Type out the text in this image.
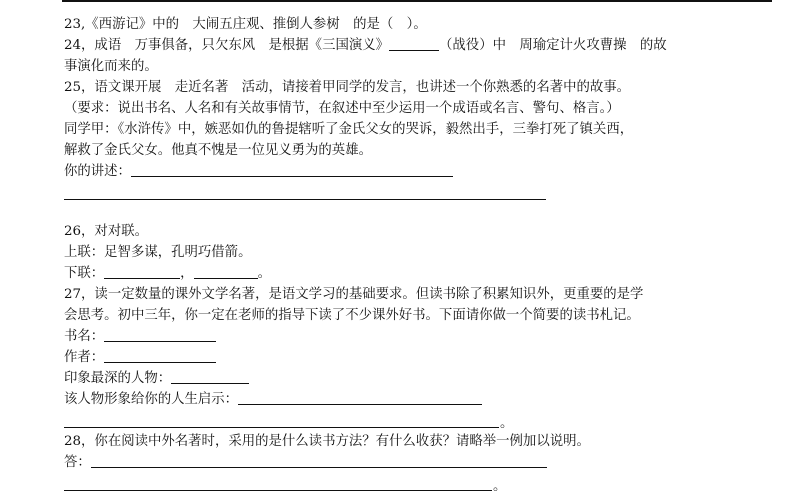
23,《西游记》中的　大闹五庄观、推倒人参树　的是（　）。
24，成语　万事俱备，只欠东风　是根据《三国演义》	（战役）中　周瑜定计火攻曹操　的故
事演化而来的。
25，语文课开展　走近名著　活动，请接着甲同学的发言，也讲述一个你熟悉的名著中的故事。
（要求：说出书名、人名和有关故事情节，在叙述中至少运用一个成语或名言、警句、格言。）
同学甲：《水浒传》中，嫉恶如仇的鲁提辖听了金氏父女的哭诉，毅然出手，三拳打死了镇关西，
解救了金氏父女。他真不愧是一位见义勇为的英雄。
你的讲述：
26，对对联。
上联：足智多谋，孔明巧借箭。
下联：	，	。
27，读一定数量的课外文学名著，是语文学习的基础要求。但读书除了积累知识外，更重要的是学
会思考。初中三年，你一定在老师的指导下读了不少课外好书。下面请你做一个简要的读书札记。
书名：
作者：
印象最深的人物：
该人物形象给你的人生启示：
。
28，你在阅读中外名著时，采用的是什么读书方法？有什么收获？请略举一例加以说明。
答：
。
